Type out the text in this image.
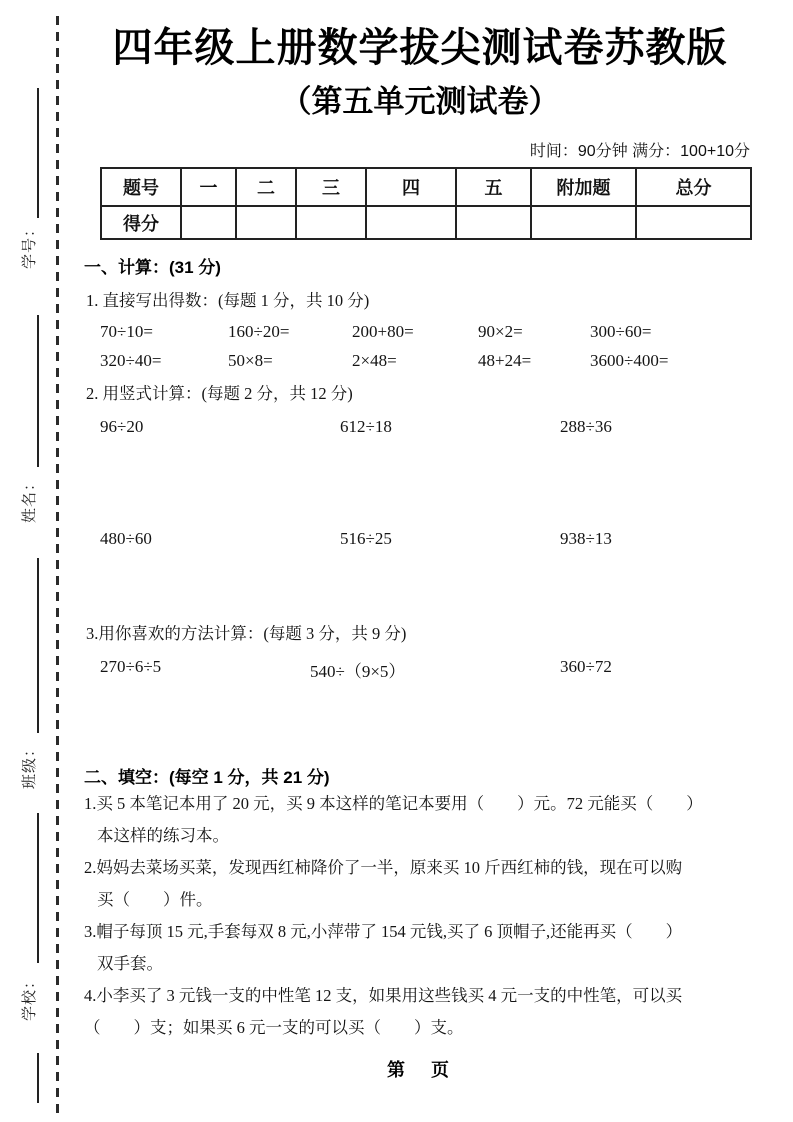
学号：
姓名：
班级：
学校：
四年级上册数学拔尖测试卷苏教版
（第五单元测试卷）
时间：90分钟 满分：100+10分
题号	一	二	三	四	五	附加题	总分
得分							
一、计算：(31 分)
1. 直接写出得数：(每题 1 分，共 10 分)
70÷10=	160÷20=	200+80=	90×2=	300÷60=
320÷40=	50×8=	2×48=	48+24=	3600÷400=
2. 用竖式计算：(每题 2 分，共 12 分)
96÷20	612÷18	288÷36
480÷60	516÷25	938÷13
3.用你喜欢的方法计算：(每题 3 分，共 9 分)
270÷6÷5	540÷（9×5）	360÷72
二、填空：(每空 1 分，共 21 分)
1.买 5 本笔记本用了 20 元，买 9 本这样的笔记本要用（　　）元。72 元能买（　　）
本这样的练习本。
2.妈妈去菜场买菜，发现西红柿降价了一半，原来买 10 斤西红柿的钱，现在可以购
买（　　）件。
3.帽子每顶 15 元,手套每双 8 元,小萍带了 154 元钱,买了 6 顶帽子,还能再买（　　）
双手套。
4.小李买了 3 元钱一支的中性笔 12 支，如果用这些钱买 4 元一支的中性笔，可以买
（　　）支；如果买 6 元一支的可以买（　　）支。
第　页
